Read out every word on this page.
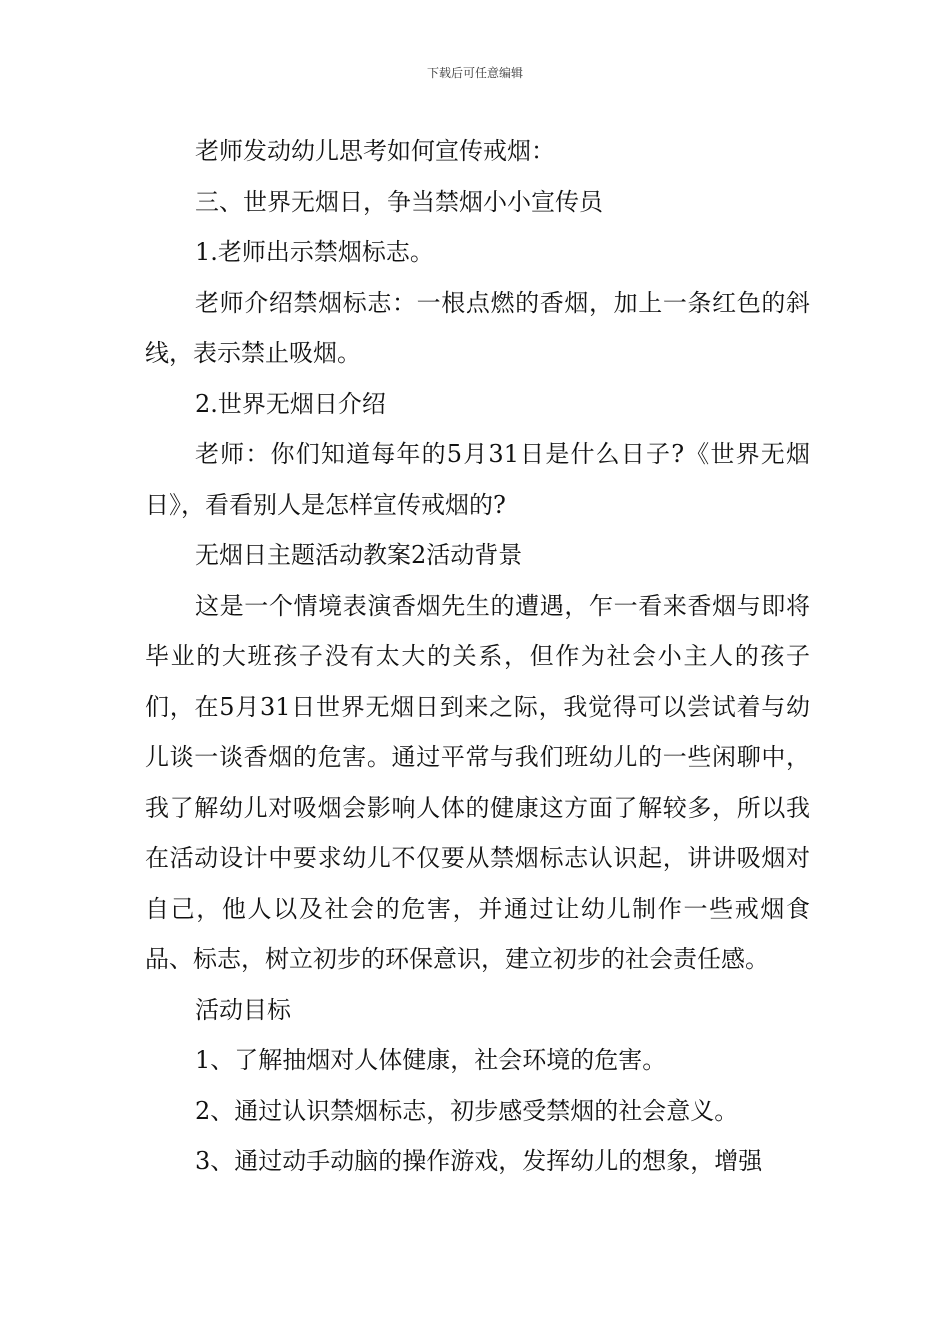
下载后可任意编辑

老师发动幼儿思考如何宣传戒烟：

三、世界无烟日，争当禁烟小小宣传员

1.老师出示禁烟标志。

老师介绍禁烟标志：一根点燃的香烟，加上一条红色的斜线，表示禁止吸烟。

2.世界无烟日介绍

老师：你们知道每年的5月31日是什么日子?《世界无烟日》，看看别人是怎样宣传戒烟的?

无烟日主题活动教案2活动背景

这是一个情境表演香烟先生的遭遇，乍一看来香烟与即将毕业的大班孩子没有太大的关系，但作为社会小主人的孩子们，在5月31日世界无烟日到来之际，我觉得可以尝试着与幼儿谈一谈香烟的危害。通过平常与我们班幼儿的一些闲聊中，我了解幼儿对吸烟会影响人体的健康这方面了解较多，所以我在活动设计中要求幼儿不仅要从禁烟标志认识起，讲讲吸烟对自己，他人以及社会的危害，并通过让幼儿制作一些戒烟食品、标志，树立初步的环保意识，建立初步的社会责任感。

活动目标

1、了解抽烟对人体健康，社会环境的危害。

2、通过认识禁烟标志，初步感受禁烟的社会意义。

3、通过动手动脑的操作游戏，发挥幼儿的想象，增强
